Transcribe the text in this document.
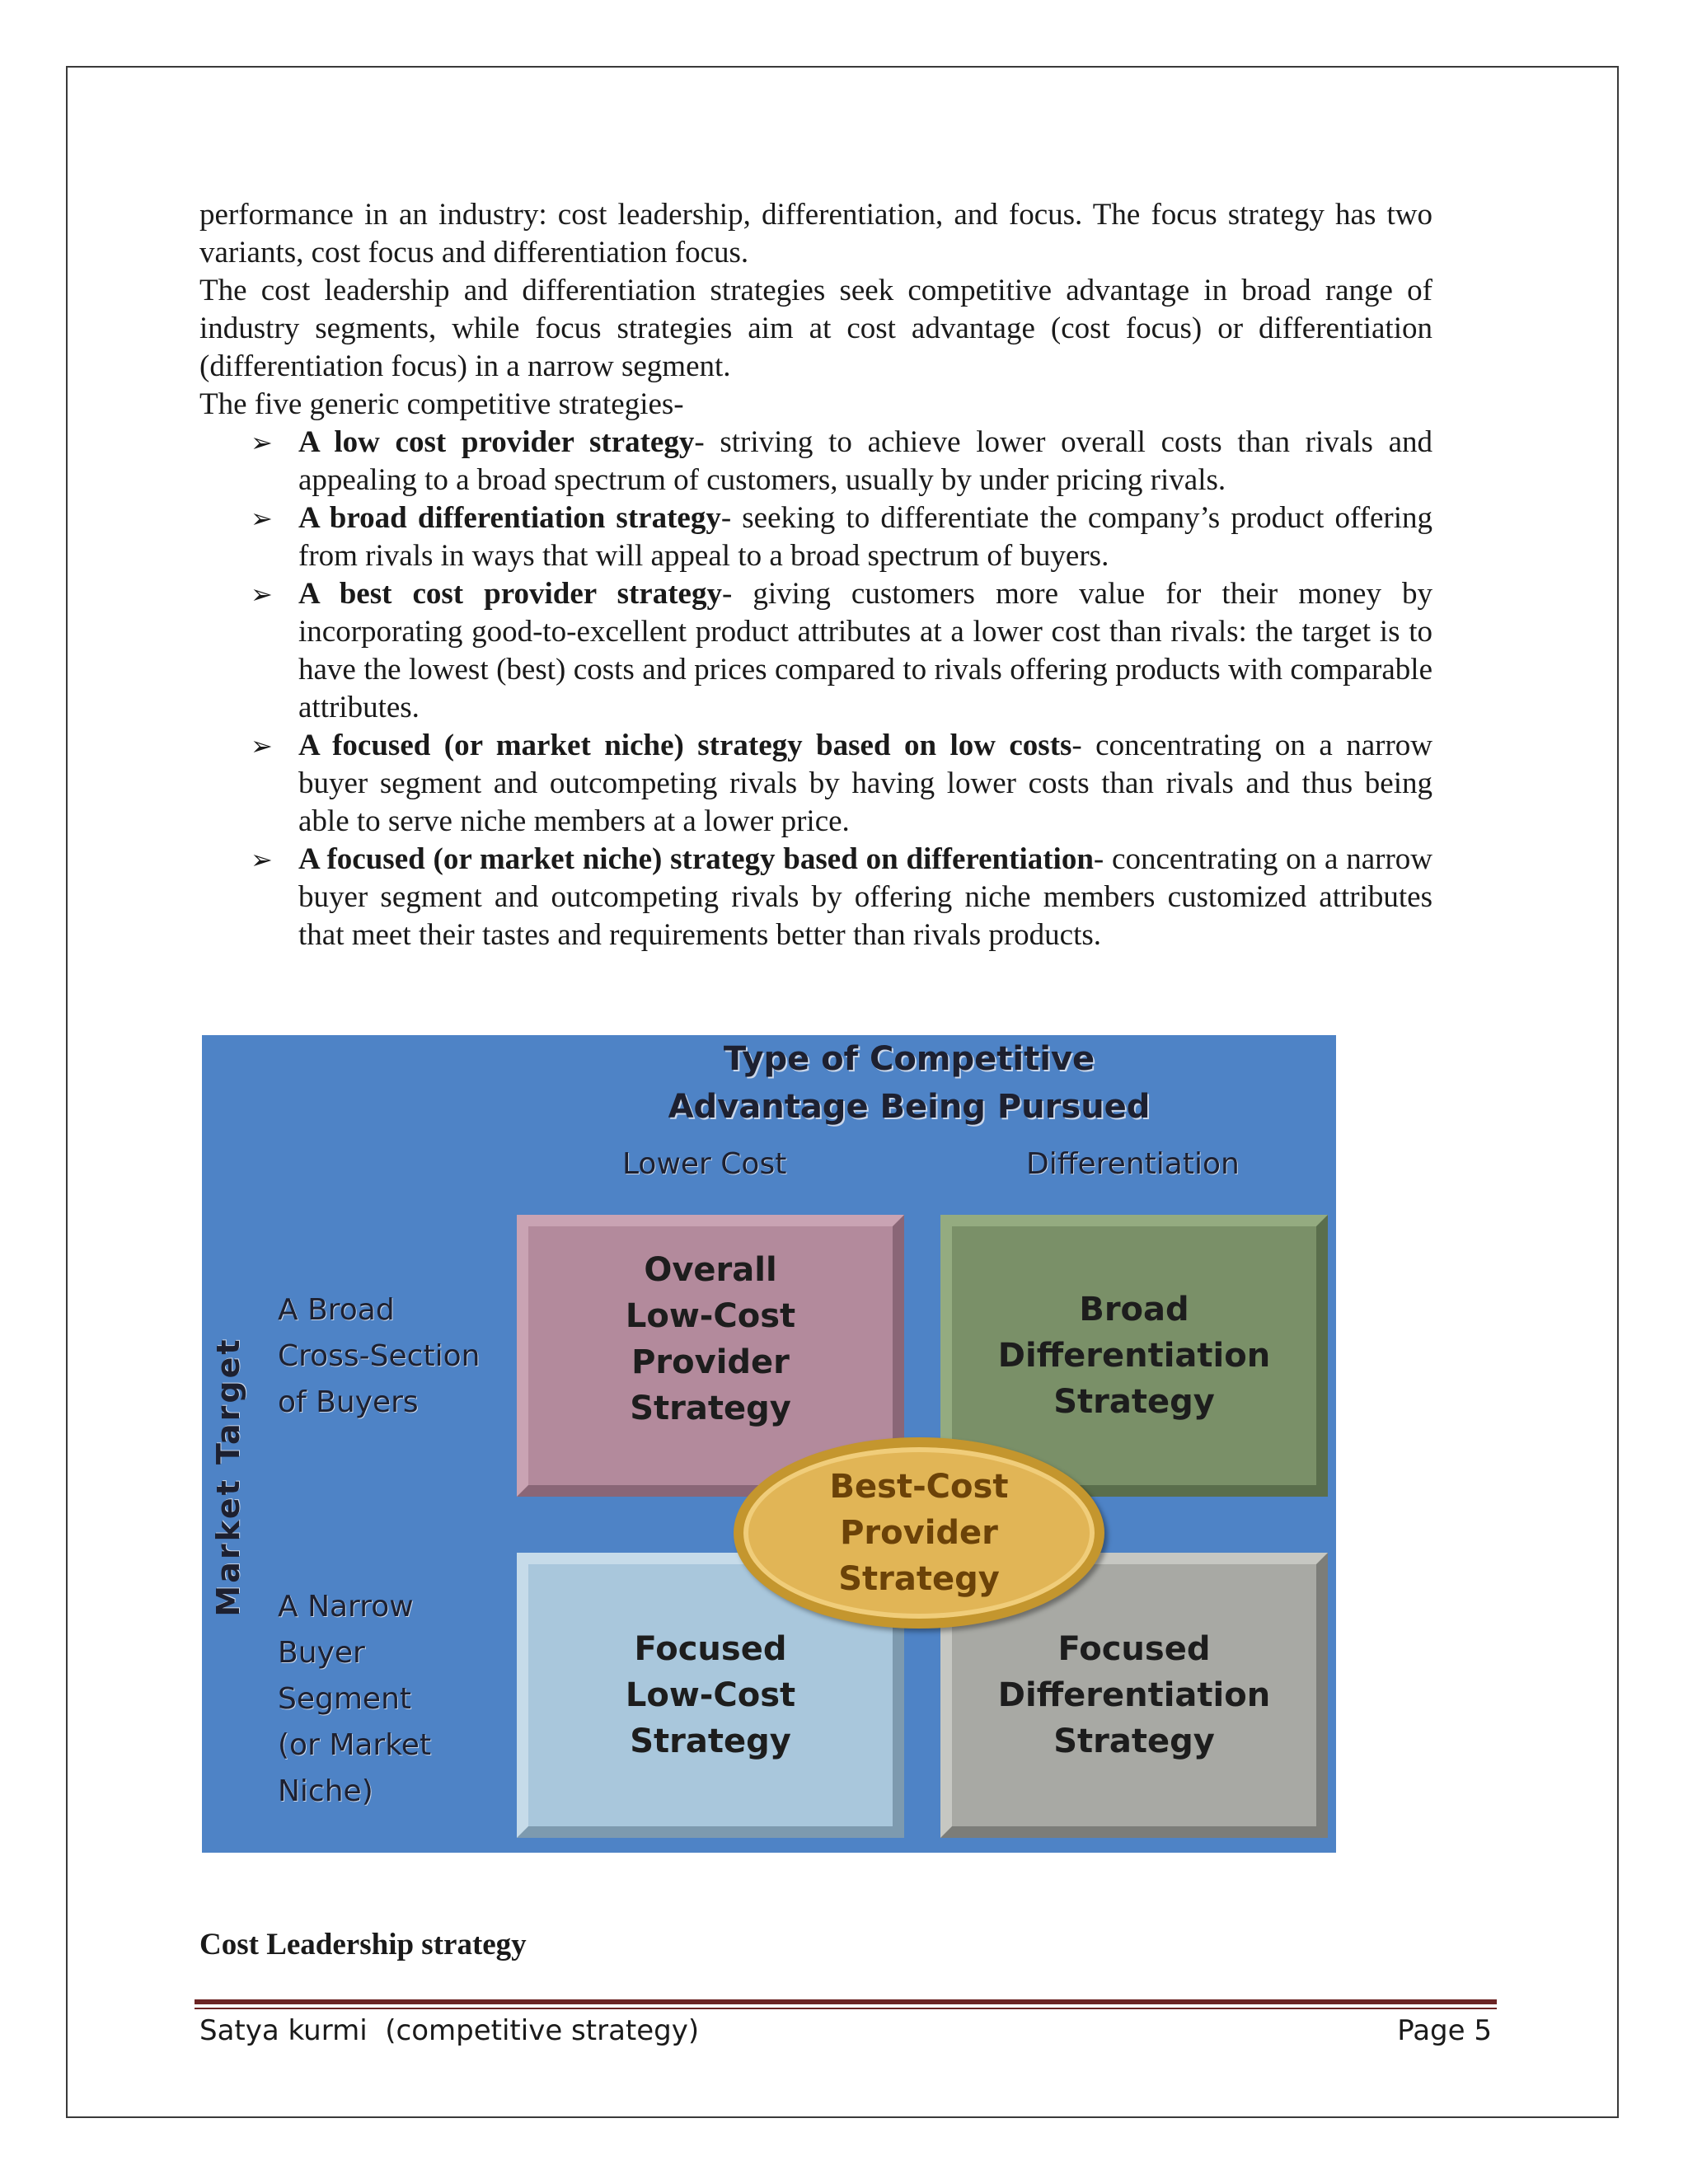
performance in an industry: cost leadership, differentiation, and focus. The focus strategy has two variants, cost focus and differentiation focus.

The cost leadership and differentiation strategies seek competitive advantage in broad range of industry segments, while focus strategies aim at cost advantage (cost focus) or differentiation (differentiation focus) in a narrow segment.

The five generic competitive strategies-

➢ A low cost provider strategy- striving to achieve lower overall costs than rivals and appealing to a broad spectrum of customers, usually by under pricing rivals.
➢ A broad differentiation strategy- seeking to differentiate the company’s product offering from rivals in ways that will appeal to a broad spectrum of buyers.
➢ A best cost provider strategy- giving customers more value for their money by incorporating good-to-excellent product attributes at a lower cost than rivals: the target is to have the lowest (best) costs and prices compared to rivals offering products with comparable attributes.
➢ A focused (or market niche) strategy based on low costs- concentrating on a narrow buyer segment and outcompeting rivals by having lower costs than rivals and thus being able to serve niche members at a lower price.
➢ A focused (or market niche) strategy based on differentiation- concentrating on a narrow buyer segment and outcompeting rivals by offering niche members customized attributes that meet their tastes and requirements better than rivals products.
Type of Competitive
Advantage Being Pursued
Lower Cost	Differentiation
Market Target
A Broad
Cross-Section
of Buyers
A Narrow
Buyer
Segment
(or Market
Niche)
Overall
Low-Cost
Provider
Strategy
Broad
Differentiation
Strategy
Focused
Low-Cost
Strategy
Focused
Differentiation
Strategy
Best-Cost
Provider
Strategy
Cost Leadership strategy
Satya kurmi  (competitive strategy)	Page 5
